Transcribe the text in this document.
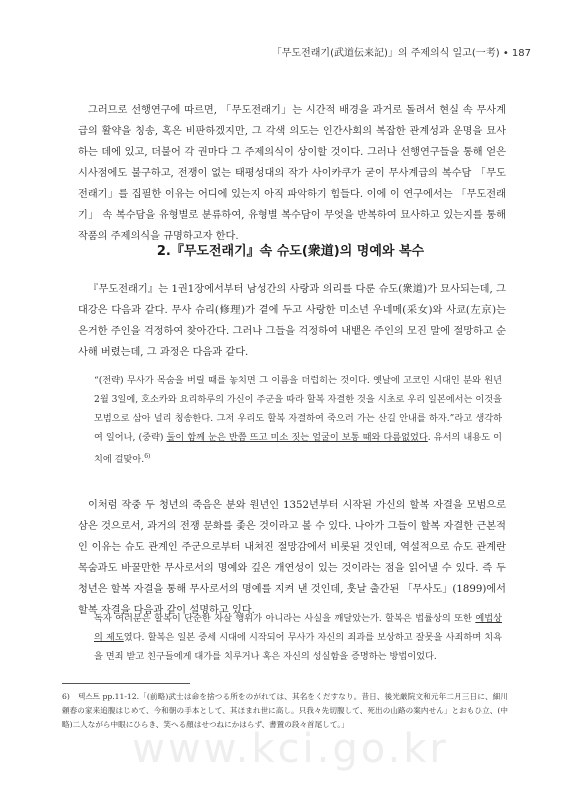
「무도전래기(武道伝来記)」의 주제의식 일고(一考) • 187

그러므로 선행연구에 따르면, 「무도전래기」는 시간적 배경을 과거로 돌려서 현실 속 무사계급의 활약을 칭송, 혹은 비판하겠지만, 그 각색 의도는 인간사회의 복잡한 관계성과 운명을 묘사하는 데에 있고, 더불어 각 권마다 그 주제의식이 상이할 것이다. 그러나 선행연구들을 통해 얻은 시사점에도 불구하고, 전쟁이 없는 태평성대의 작가 사이카쿠가 굳이 무사계급의 복수담 「무도전래기」를 집필한 이유는 어디에 있는지 아직 파악하기 힘들다. 이에 이 연구에서는 「무도전래기」 속 복수담을 유형별로 분류하여, 유형별 복수담이 무엇을 반복하여 묘사하고 있는지를 통해 작품의 주제의식을 규명하고자 한다.

2.『무도전래기』속 슈도(衆道)의 명예와 복수

『무도전래기』는 1권1장에서부터 남성간의 사랑과 의리를 다룬 슈도(衆道)가 묘사되는데, 그 대강은 다음과 같다. 무사 슈리(修理)가 곁에 두고 사랑한 미소년 우네메(采女)와 사쿄(左京)는 은거한 주인을 걱정하여 찾아간다. 그러나 그들을 걱정하여 내뱉은 주인의 모진 말에 절망하고 순사해 버렸는데, 그 과정은 다음과 같다.

“(전략) 무사가 목숨을 버릴 때를 놓치면 그 이름을 더럽히는 것이다. 옛날에 고코인 시대인 분와 원년 2월 3일에, 호소카와 요리하루의 가신이 주군을 따라 할복 자결한 것을 시초로 우리 일본에서는 이것을 모범으로 삼아 널리 칭송한다. 그저 우리도 할복 자결하여 죽으러 가는 산길 안내를 하자.”라고 생각하여 일어나, (중략) 둘이 함께 눈은 반쯤 뜨고 미소 짓는 얼굴이 보통 때와 다름없었다. 유서의 내용도 이치에 걸맞아.$^{6)}$

이처럼 작중 두 청년의 죽음은 분와 원년인 1352년부터 시작된 가신의 할복 자결을 모범으로 삼은 것으로서, 과거의 전쟁 문화를 좇은 것이라고 볼 수 있다. 나아가 그들이 할복 자결한 근본적인 이유는 슈도 관계인 주군으로부터 내쳐진 절망감에서 비롯된 것인데, 역설적으로 슈도 관계란 목숨과도 바꿀만한 무사로서의 명예와 깊은 개연성이 있는 것이라는 점을 읽어낼 수 있다. 즉 두 청년은 할복 자결을 통해 무사로서의 명예를 지켜 낸 것인데, 훗날 출간된 「무사도」(1899)에서 할복 자결을 다음과 같이 설명하고 있다.

독자 여러분은 할복이 단순한 자살 행위가 아니라는 사실을 깨달았는가. 할복은 법률상의 또한 예법상의 제도였다. 할복은 일본 중세 시대에 시작되어 무사가 자신의 죄과를 보상하고 잘못을 사죄하며 치욕을 면죄 받고 친구들에게 대가를 치루거나 혹은 자신의 성실함을 증명하는 방법이었다.

6) 텍스트 pp.11-12.「(前略)武士は命を捨つる所をのがれては、其名をくだすなり。昔日、後光厳院文和元年二月三日に、細川頼春の家来追腹はじめて、今和朝の手本として、其ほまれ世に高し。只我々先切腹して、死出の山路の案内せん」とおもひ立、(中略)二人ながら中眼にひらき、笑へる顔はせつねにかはらず、書置の段々首尾して。」

www.kci.go.kr
